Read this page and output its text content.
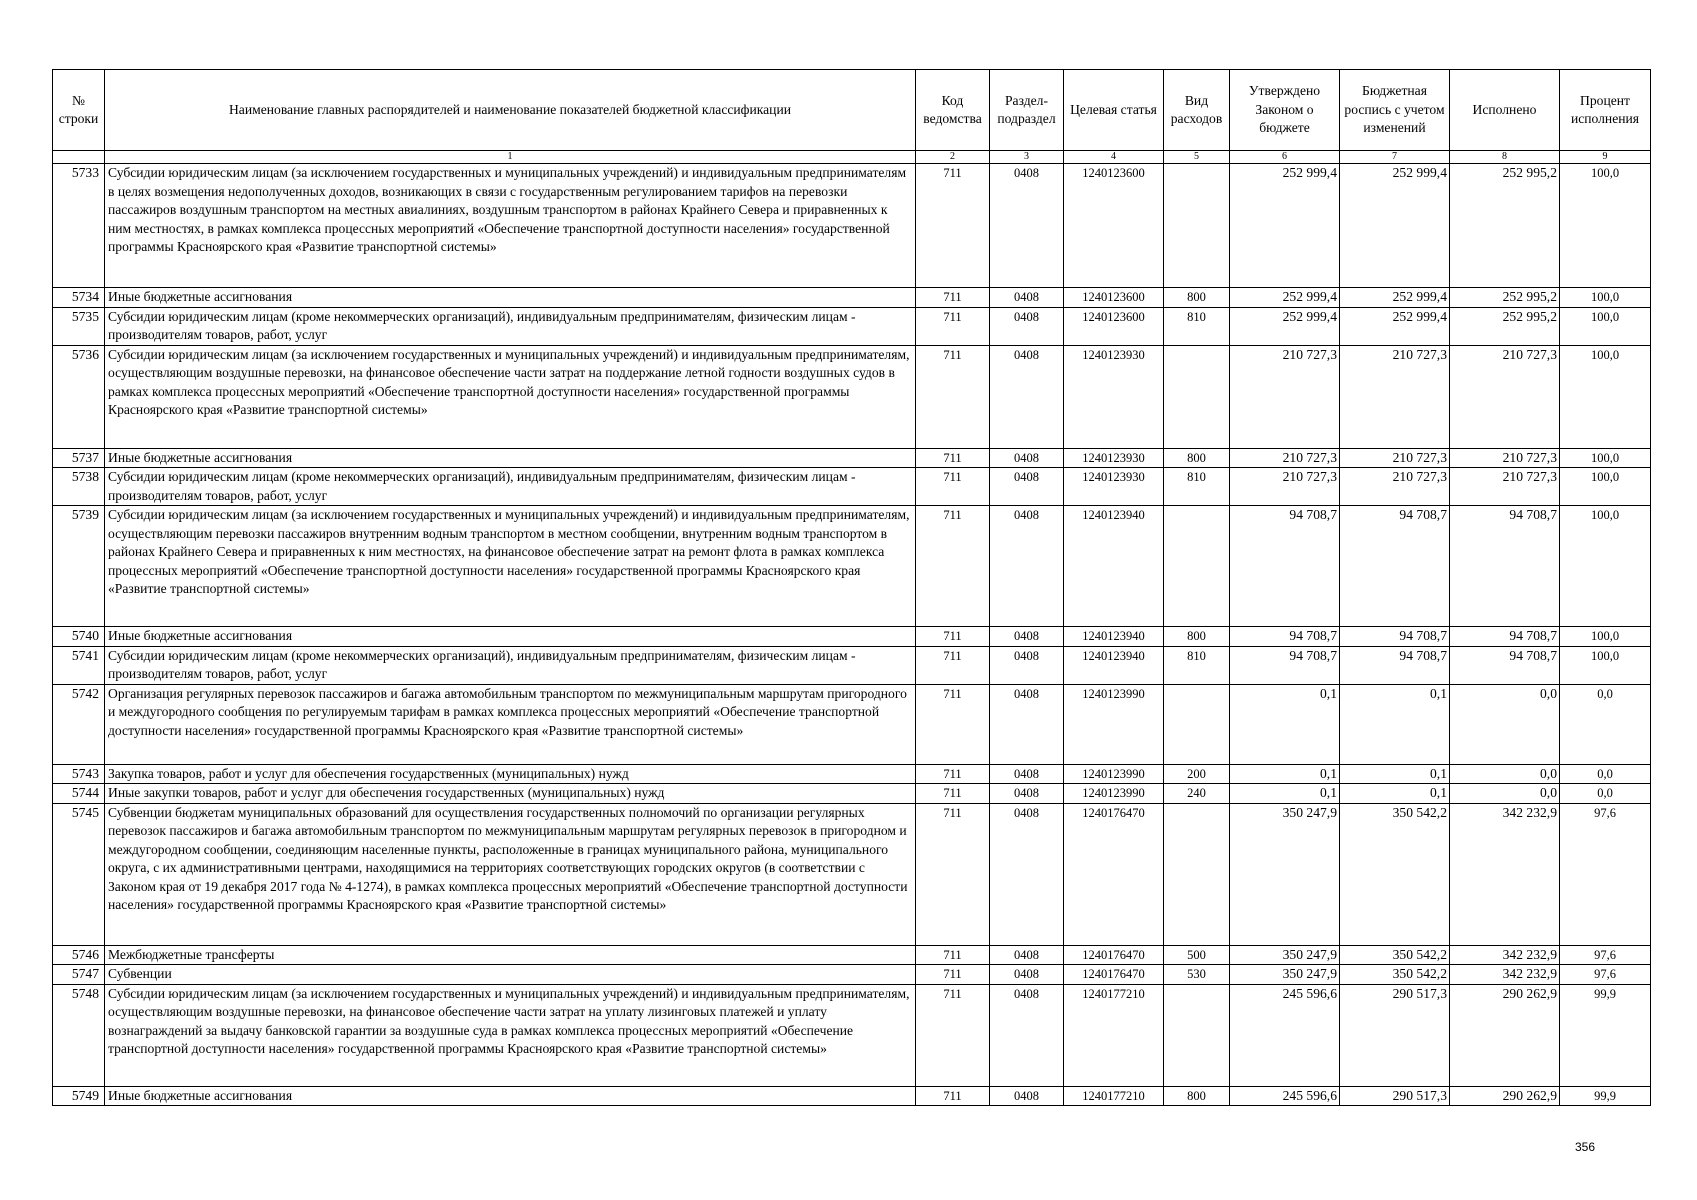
№ строки	Наименование главных распорядителей и наименование показателей бюджетной классификации	Код ведомства	Раздел-подраздел	Целевая статья	Вид расходов	Утверждено Законом о бюджете	Бюджетная роспись с учетом изменений	Исполнено	Процент исполнения
	1	2	3	4	5	6	7	8	9
5733	Субсидии юридическим лицам (за исключением государственных и муниципальных учреждений) и индивидуальным предпринимателям в целях возмещения недополученных доходов, возникающих в связи с государственным регулированием тарифов на перевозки пассажиров воздушным транспортом на местных авиалиниях, воздушным транспортом в районах Крайнего Севера и приравненных к ним местностях, в рамках комплекса процессных мероприятий «Обеспечение транспортной доступности населения» государственной программы Красноярского края «Развитие транспортной системы»	711	0408	1240123600		252 999,4	252 999,4	252 995,2	100,0
5734	Иные бюджетные ассигнования	711	0408	1240123600	800	252 999,4	252 999,4	252 995,2	100,0
5735	Субсидии юридическим лицам (кроме некоммерческих организаций), индивидуальным предпринимателям, физическим лицам - производителям товаров, работ, услуг	711	0408	1240123600	810	252 999,4	252 999,4	252 995,2	100,0
5736	Субсидии юридическим лицам (за исключением государственных и муниципальных учреждений) и индивидуальным предпринимателям, осуществляющим воздушные перевозки, на финансовое обеспечение части затрат на поддержание летной годности воздушных судов в рамках комплекса процессных мероприятий «Обеспечение транспортной доступности населения» государственной программы Красноярского края «Развитие транспортной системы»	711	0408	1240123930		210 727,3	210 727,3	210 727,3	100,0
5737	Иные бюджетные ассигнования	711	0408	1240123930	800	210 727,3	210 727,3	210 727,3	100,0
5738	Субсидии юридическим лицам (кроме некоммерческих организаций), индивидуальным предпринимателям, физическим лицам - производителям товаров, работ, услуг	711	0408	1240123930	810	210 727,3	210 727,3	210 727,3	100,0
5739	Субсидии юридическим лицам (за исключением государственных и муниципальных учреждений) и индивидуальным предпринимателям, осуществляющим перевозки пассажиров внутренним водным транспортом в местном сообщении, внутренним водным транспортом в районах Крайнего Севера и приравненных к ним местностях, на финансовое обеспечение затрат на ремонт флота в рамках комплекса процессных мероприятий «Обеспечение транспортной доступности населения» государственной программы Красноярского края «Развитие транспортной системы»	711	0408	1240123940		94 708,7	94 708,7	94 708,7	100,0
5740	Иные бюджетные ассигнования	711	0408	1240123940	800	94 708,7	94 708,7	94 708,7	100,0
5741	Субсидии юридическим лицам (кроме некоммерческих организаций), индивидуальным предпринимателям, физическим лицам - производителям товаров, работ, услуг	711	0408	1240123940	810	94 708,7	94 708,7	94 708,7	100,0
5742	Организация регулярных перевозок пассажиров и багажа автомобильным транспортом по межмуниципальным маршрутам пригородного и междугородного сообщения по регулируемым тарифам в рамках комплекса процессных мероприятий «Обеспечение транспортной доступности населения» государственной программы Красноярского края «Развитие транспортной системы»	711	0408	1240123990		0,1	0,1	0,0	0,0
5743	Закупка товаров, работ и услуг для обеспечения государственных (муниципальных) нужд	711	0408	1240123990	200	0,1	0,1	0,0	0,0
5744	Иные закупки товаров, работ и услуг для обеспечения государственных (муниципальных) нужд	711	0408	1240123990	240	0,1	0,1	0,0	0,0
5745	Субвенции бюджетам муниципальных образований для осуществления государственных полномочий по организации регулярных перевозок пассажиров и багажа автомобильным транспортом по межмуниципальным маршрутам регулярных перевозок в пригородном и междугородном сообщении, соединяющим населенные пункты, расположенные в границах муниципального района, муниципального округа, с их административными центрами, находящимися на территориях соответствующих городских округов (в соответствии с Законом края от 19 декабря 2017 года № 4-1274), в рамках комплекса процессных мероприятий «Обеспечение транспортной доступности населения» государственной программы Красноярского края «Развитие транспортной системы»	711	0408	1240176470		350 247,9	350 542,2	342 232,9	97,6
5746	Межбюджетные трансферты	711	0408	1240176470	500	350 247,9	350 542,2	342 232,9	97,6
5747	Субвенции	711	0408	1240176470	530	350 247,9	350 542,2	342 232,9	97,6
5748	Субсидии юридическим лицам (за исключением государственных и муниципальных учреждений) и индивидуальным предпринимателям, осуществляющим воздушные перевозки, на финансовое обеспечение части затрат на уплату лизинговых платежей и уплату вознаграждений за выдачу банковской гарантии за воздушные суда в рамках комплекса процессных мероприятий «Обеспечение транспортной доступности населения» государственной программы Красноярского края «Развитие транспортной системы»	711	0408	1240177210		245 596,6	290 517,3	290 262,9	99,9
5749	Иные бюджетные ассигнования	711	0408	1240177210	800	245 596,6	290 517,3	290 262,9	99,9
356
